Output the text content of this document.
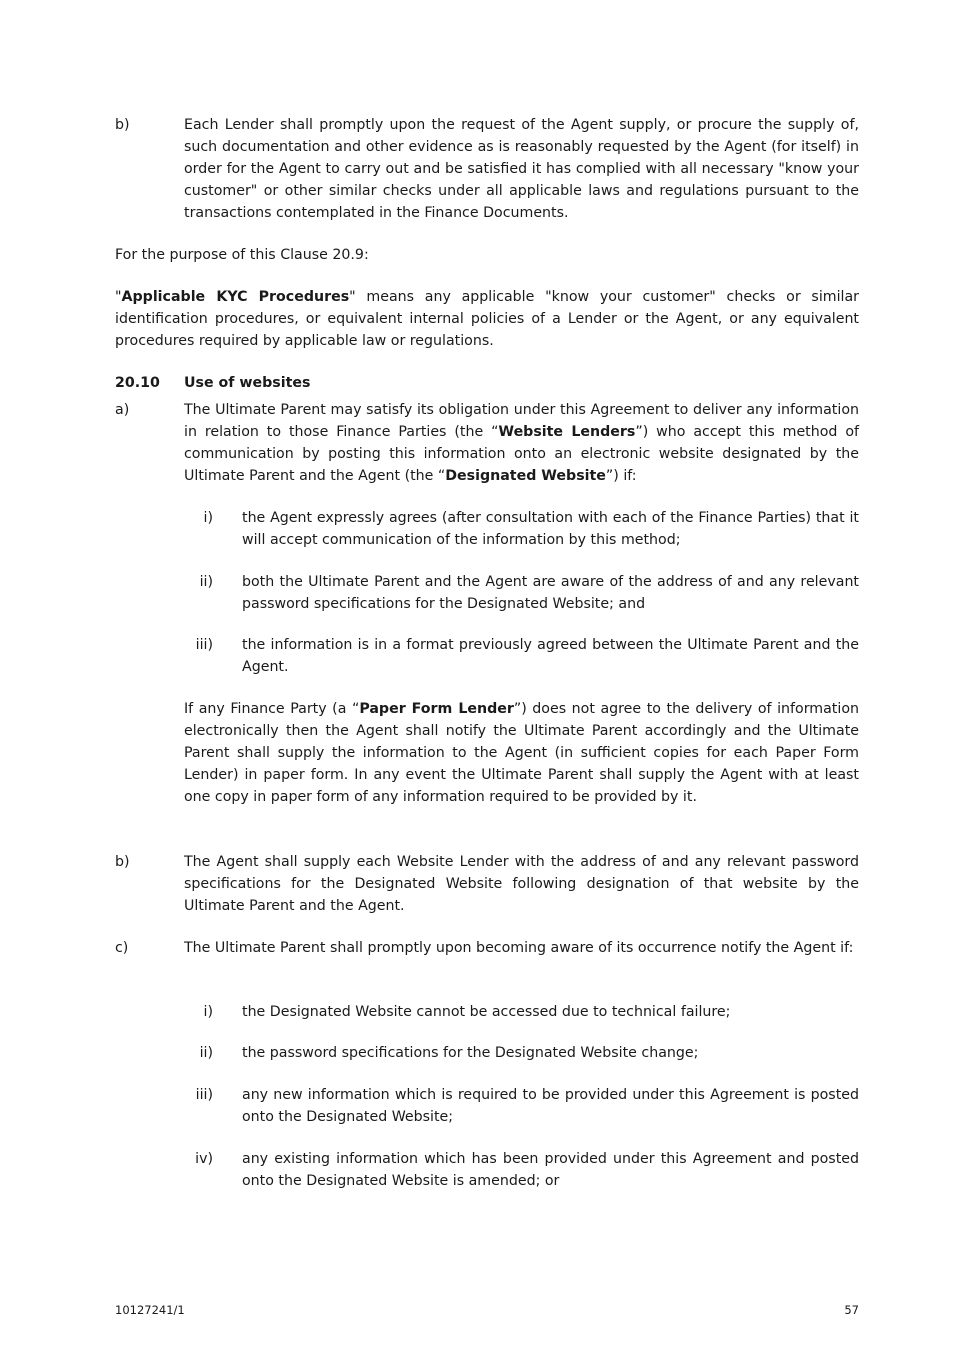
b)	Each Lender shall promptly upon the request of the Agent supply, or procure the supply of, such documentation and other evidence as is reasonably requested by the Agent (for itself) in order for the Agent to carry out and be satisfied it has complied with all necessary "know your customer" or other similar checks under all applicable laws and regulations pursuant to the transactions contemplated in the Finance Documents.

For the purpose of this Clause 20.9:

"Applicable KYC Procedures" means any applicable "know your customer" checks or similar identification procedures, or equivalent internal policies of a Lender or the Agent, or any equivalent procedures required by applicable law or regulations.

20.10 Use of websites
a)	The Ultimate Parent may satisfy its obligation under this Agreement to deliver any information in relation to those Finance Parties (the “Website Lenders”) who accept this method of communication by posting this information onto an electronic website designated by the Ultimate Parent and the Agent (the “Designated Website”) if:

i) the Agent expressly agrees (after consultation with each of the Finance Parties) that it will accept communication of the information by this method;

ii) both the Ultimate Parent and the Agent are aware of the address of and any relevant password specifications for the Designated Website; and

iii) the information is in a format previously agreed between the Ultimate Parent and the Agent.

If any Finance Party (a “Paper Form Lender”) does not agree to the delivery of information electronically then the Agent shall notify the Ultimate Parent accordingly and the Ultimate Parent shall supply the information to the Agent (in sufficient copies for each Paper Form Lender) in paper form. In any event the Ultimate Parent shall supply the Agent with at least one copy in paper form of any information required to be provided by it.

b)	The Agent shall supply each Website Lender with the address of and any relevant password specifications for the Designated Website following designation of that website by the Ultimate Parent and the Agent.

c)	The Ultimate Parent shall promptly upon becoming aware of its occurrence notify the Agent if:

i) the Designated Website cannot be accessed due to technical failure;

ii) the password specifications for the Designated Website change;

iii) any new information which is required to be provided under this Agreement is posted onto the Designated Website;

iv) any existing information which has been provided under this Agreement and posted onto the Designated Website is amended; or

10127241/1	57
